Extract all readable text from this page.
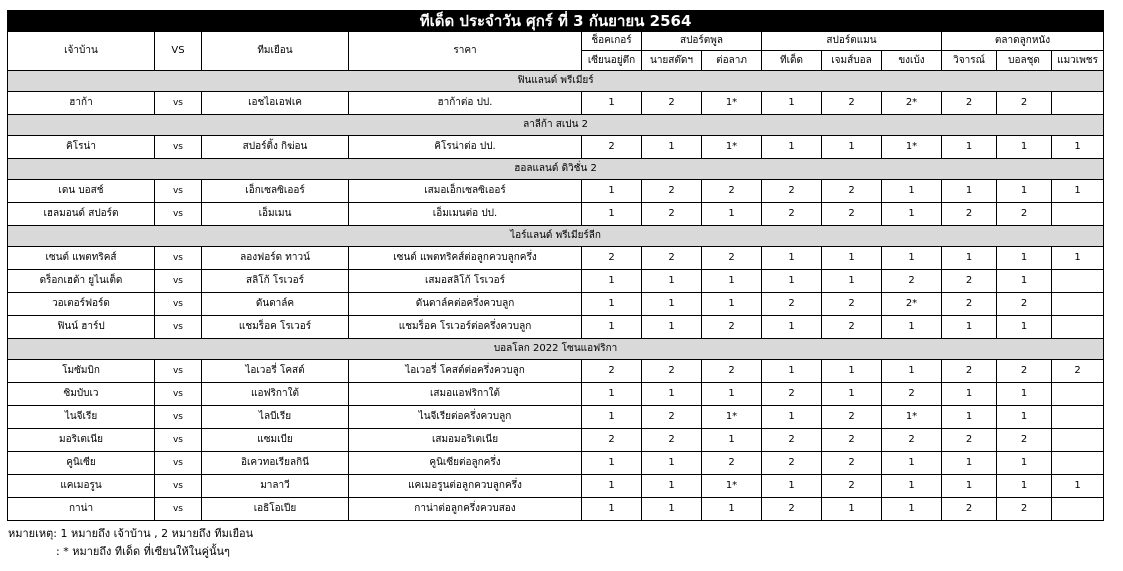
ทีเด็ด ประจำวัน ศุกร์ ที่ 3 กันยายน 2564												
เจ้าบ้าน	VS	ทีมเยือน	ราคา	ช็อคเกอร์	สปอร์ตพูล		สปอร์ตแมน			ตลาดลูกหนัง		
				เซียนอยู่ตึก	นายสต๊ดฯ	ต่อลาภ	ทีเด็ด	เจมส์บอล	ขงเบ้ง	วิจารณ์	บอลชุด	แมวเพชร
ฟินแลนด์ พรีเมียร์												
ฮาก้า	vs	เอชไอเอฟเค	ฮาก้าต่อ ปป.	1	2	1*	1	2	2*	2	2	
ลาลีก้า สเปน 2												
คิโรน่า	vs	สปอร์ติ้ง กิฆ่อน	คิโรน่าต่อ ปป.	2	1	1*	1	1	1*	1	1	1
ฮอลแลนด์ ดิวิชั่น 2												
เดน บอสช์	vs	เอ็กเซลซิเออร์	เสมอเอ็กเซลซิเออร์	1	2	2	2	2	1	1	1	1
เฮลมอนด์ สปอร์ต	vs	เอ็มเมน	เอ็มเมนต่อ ปป.	1	2	1	2	2	1	2	2	
ไอร์แลนด์ พรีเมียร์ลีก												
เซนต์ แพตทริคส์	vs	ลองฟอร์ด ทาวน์	เซนต์ แพตทริคส์ต่อลูกควบลูกครึ่ง	2	2	2	1	1	1	1	1	1
ดร็อกเฮด้า ยูไนเต็ด	vs	สลิโก้ โรเวอร์	เสมอสลิโก้ โรเวอร์	1	1	1	1	1	2	2	1	
วอเตอร์ฟอร์ด	vs	ดันดาล์ค	ดันดาล์คต่อครึ่งควบลูก	1	1	1	2	2	2*	2	2	
ฟินน์ ฮาร์ป	vs	แชมร็อค โรเวอร์	แชมร็อค โรเวอร์ต่อครึ่งควบลูก	1	1	2	1	2	1	1	1	
บอลโลก 2022 โซนแอฟริกา												
โมซัมบิก	vs	ไอเวอรี่ โคสต์	ไอเวอรี่ โคสต์ต่อครึ่งควบลูก	2	2	2	1	1	1	2	2	2
ซิมบับเว	vs	แอฟริกาใต้	เสมอแอฟริกาใต้	1	1	1	2	1	2	1	1	
ไนจีเรีย	vs	ไลบีเรีย	ไนจีเรียต่อครึ่งควบลูก	1	2	1*	1	2	1*	1	1	
มอริเตเนีย	vs	แซมเบีย	เสมอมอริเตเนีย	2	2	1	2	2	2	2	2	
คูนิเซีย	vs	อิเควทอเรียลกินี	คูนิเซียต่อลูกครึ่ง	1	1	2	2	2	1	1	1	
แคเมอรูน	vs	มาลาวี	แคเมอรูนต่อลูกควบลูกครึ่ง	1	1	1*	1	2	1	1	1	1
กาน่า	vs	เอธิโอเปีย	กาน่าต่อลูกครึ่งควบสอง	1	1	1	2	1	1	2	2	
หมายเหตุ: 1 หมายถึง เจ้าบ้าน , 2 หมายถึง ทีมเยือน
: * หมายถึง ทีเด็ด ที่เซียนให้ในคู่นั้นๆ
